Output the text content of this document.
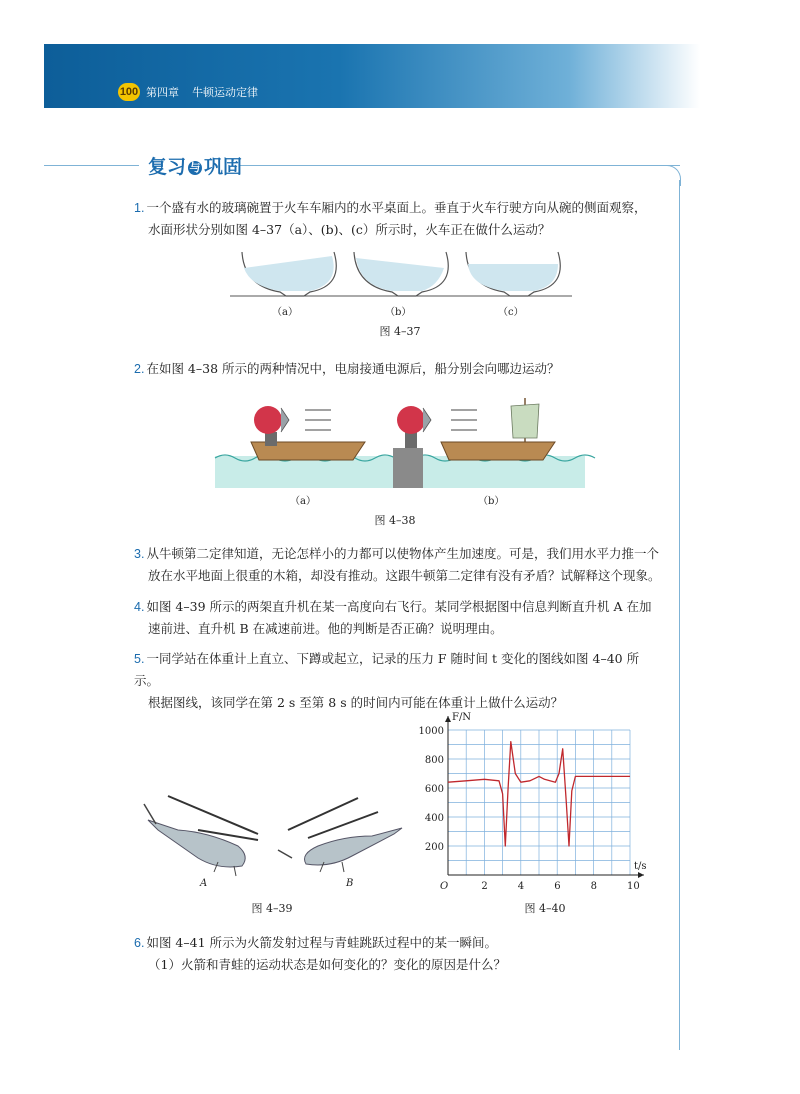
100 第四章 牛顿运动定律
复习 与 巩固
1. 一个盛有水的玻璃碗置于火车车厢内的水平桌面上。垂直于火车行驶方向从碗的侧面观察，
水面形状分别如图 4–37（a）、(b)、(c）所示时，火车正在做什么运动？
（a）	（b）	（c）
图 4–37
2. 在如图 4–38 所示的两种情况中，电扇接通电源后，船分别会向哪边运动？
（a）	（b）
图 4–38
3. 从牛顿第二定律知道，无论怎样小的力都可以使物体产生加速度。可是，我们用水平力推一个
放在水平地面上很重的木箱，却没有推动。这跟牛顿第二定律有没有矛盾？试解释这个现象。
4. 如图 4–39 所示的两架直升机在某一高度向右飞行。某同学根据图中信息判断直升机 A 在加
速前进、直升机 B 在减速前进。他的判断是否正确？说明理由。
5. 一同学站在体重计上直立、下蹲或起立，记录的压力 F 随时间 t 变化的图线如图 4–40 所示。
根据图线，该同学在第 2 s 至第 8 s 的时间内可能在体重计上做什么运动？
A	B
图 4–39
O	2	4	6	8	10
200
400
600
800
1000
F/N
t/s
图 4–40
6. 如图 4–41 所示为火箭发射过程与青蛙跳跃过程中的某一瞬间。
（1）火箭和青蛙的运动状态是如何变化的？变化的原因是什么？
